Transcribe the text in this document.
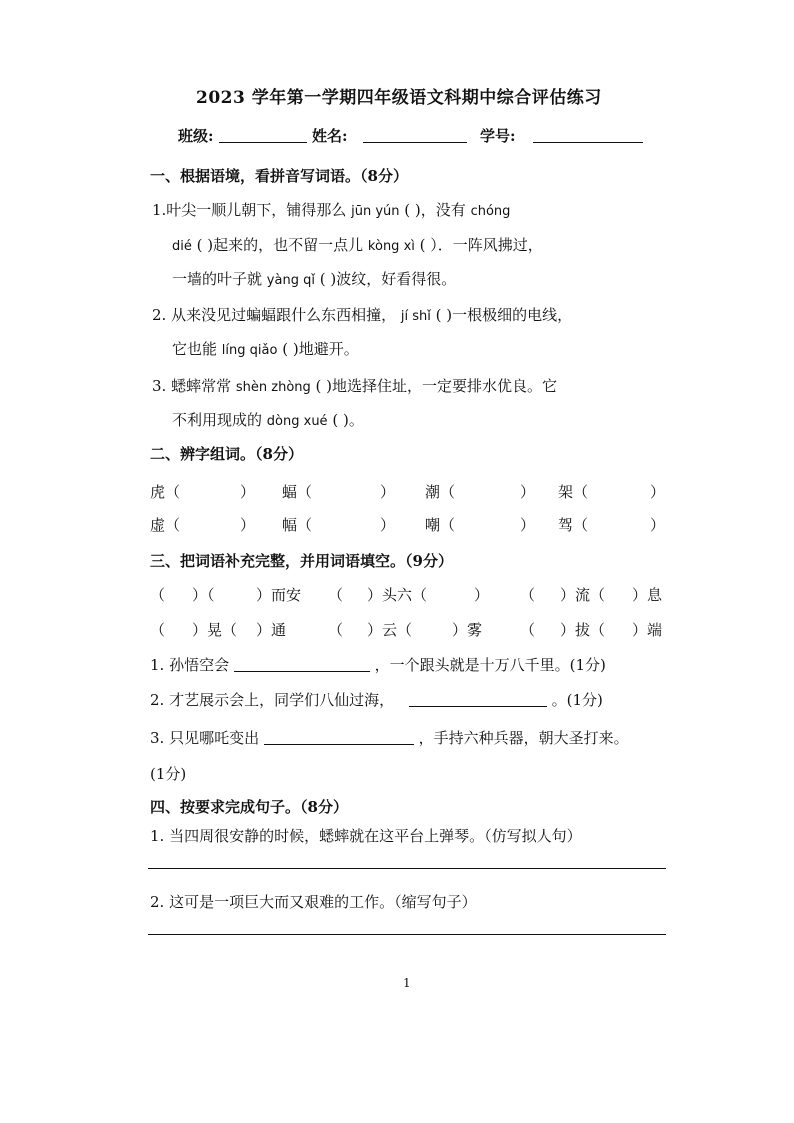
2023 学年第一学期四年级语文科期中综合评估练习
班级:	姓名:	学号:
一、根据语境，看拼音写词语。（8分）
1.叶尖一顺儿朝下，铺得那么 jūn yún ( )，没有 chóng
dié ( )起来的，也不留一点儿 kòng xì ( ）．一阵风拂过，
一墙的叶子就 yàng qǐ ( )波纹，好看得很。
2. 从来没见过蝙蝠跟什么东西相撞， jí shǐ ( )一根极细的电线，
它也能 líng qiǎo ( )地避开。
3. 蟋蟀常常 shèn zhòng ( )地选择住址，一定要排水优良。它
不利用现成的 dòng xué ( )。
二、辨字组词。（8分）
虎（	） 蝠（	） 潮（	） 架（	）
虚（	） 幅（	） 嘲（	） 驾（	）
三、把词语补充完整，并用词语填空。（9分）
（ ）（	）而安 （ ）头六（	） （ ）流（ ）息
（ ）晃（ ）通	（ ）云（	）雾	（ ）拔（ ）端
1. 孙悟空会	，一个跟头就是十万八千里。(1分)
2. 才艺展示会上，同学们八仙过海，	。(1分)
3. 只见哪吒变出	，手持六种兵器，朝大圣打来。
(1分)
四、按要求完成句子。（8分）
1. 当四周很安静的时候，蟋蟀就在这平台上弹琴。（仿写拟人句）
2. 这可是一项巨大而又艰难的工作。（缩写句子）
1
